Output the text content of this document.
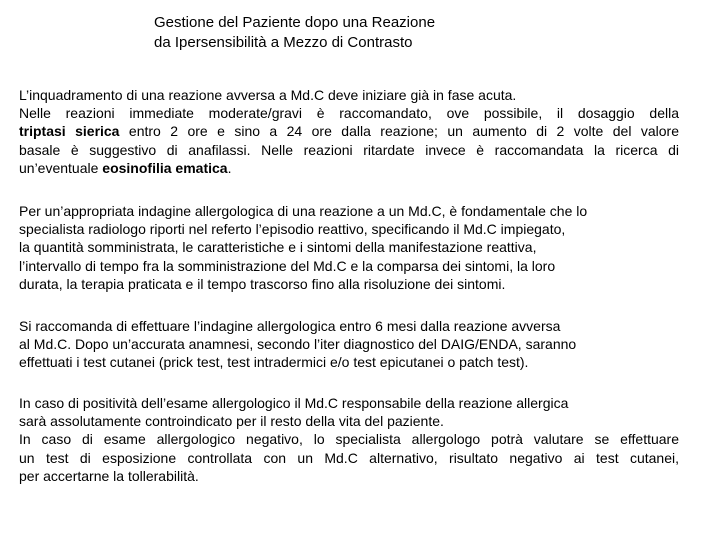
Gestione del Paziente dopo una Reazione
da Ipersensibilità a Mezzo di Contrasto
L’inquadramento di una reazione avversa a Md.C deve iniziare già in fase acuta.
Nelle reazioni immediate moderate/gravi è raccomandato, ove possibile, il dosaggio della
triptasi sierica entro 2 ore e sino a 24 ore dalla reazione; un aumento di 2 volte del valore
basale è suggestivo di anafilassi. Nelle reazioni ritardate invece è raccomandata la ricerca di
un’eventuale eosinofilia ematica.
Per un’appropriata indagine allergologica di una reazione a un Md.C, è fondamentale che lo
specialista radiologo riporti nel referto l’episodio reattivo, specificando il Md.C impiegato,
la quantità somministrata, le caratteristiche e i sintomi della manifestazione reattiva,
l’intervallo di tempo fra la somministrazione del Md.C e la comparsa dei sintomi, la loro
durata, la terapia praticata e il tempo trascorso fino alla risoluzione dei sintomi.
Si raccomanda di effettuare l’indagine allergologica entro 6 mesi dalla reazione avversa
al Md.C. Dopo un’accurata anamnesi, secondo l’iter diagnostico del DAIG/ENDA, saranno
effettuati i test cutanei (prick test, test intradermici e/o test epicutanei o patch test).
In caso di positività dell’esame allergologico il Md.C responsabile della reazione allergica
sarà assolutamente controindicato per il resto della vita del paziente.
In caso di esame allergologico negativo, lo specialista allergologo potrà valutare se effettuare
un test di esposizione controllata con un Md.C alternativo, risultato negativo ai test cutanei,
per accertarne la tollerabilità.
